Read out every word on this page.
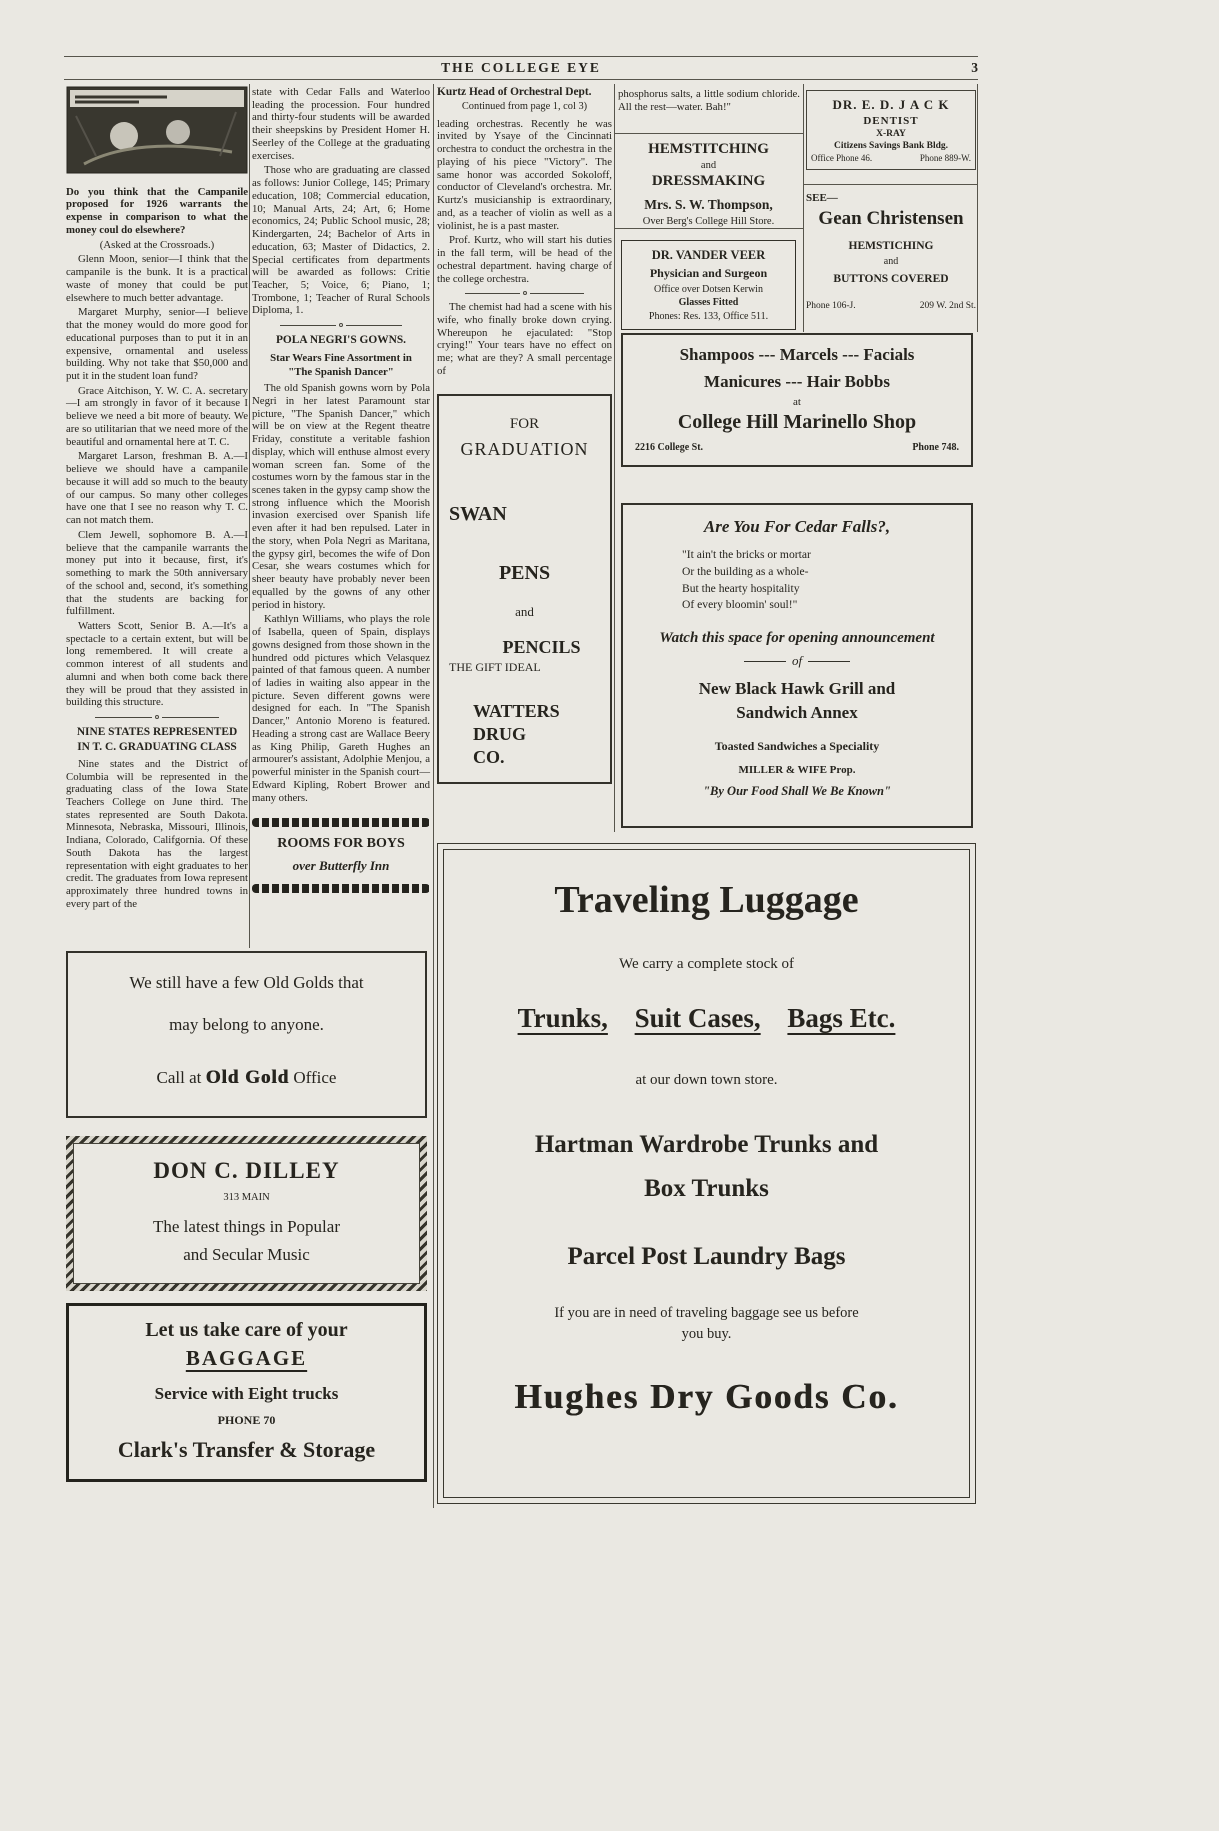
THE COLLEGE EYE	3

Do you think that the Campanile proposed for 1926 warrants the expense in comparison to what the money coul do elsewhere?

(Asked at the Crossroads.)

Glenn Moon, senior—I think that the campanile is the bunk. It is a practical waste of money that could be put elsewhere to much better advantage.

Margaret Murphy, senior—I believe that the money would do more good for educational purposes than to put it in an expensive, ornamental and useless building. Why not take that $50,000 and put it in the student loan fund?

Grace Aitchison, Y. W. C. A. secretary—I am strongly in favor of it because I believe we need a bit more of beauty. We are so utilitarian that we need more of the beautiful and ornamental here at T. C.

Margaret Larson, freshman B. A.—I believe we should have a campanile because it will add so much to the beauty of our campus. So many other colleges have one that I see no reason why T. C. can not match them.

Clem Jewell, sophomore B. A.—I believe that the campanile warrants the money put into it because, first, it's something to mark the 50th anniversary of the school and, second, it's something that the students are backing for fulfillment.

Watters Scott, Senior B. A.—It's a spectacle to a certain extent, but will be long remembered. It will create a common interest of all students and alumni and when both come back there they will be proud that they assisted in building this structure.

NINE STATES REPRESENTED
IN T. C. GRADUATING CLASS

Nine states and the District of Columbia will be represented in the graduating class of the Iowa State Teachers College on June third. The states represented are South Dakota. Minnesota, Nebraska, Missouri, Illinois, Indiana, Colorado, Califgornia. Of these South Dakota has the largest representation with eight graduates to her credit. The graduates from Iowa represent approximately three hundred towns in every part of the

state with Cedar Falls and Waterloo leading the procession. Four hundred and thirty-four students will be awarded their sheepskins by President Homer H. Seerley of the College at the graduating exercises.

Those who are graduating are classed as follows: Junior College, 145; Primary education, 108; Commercial education, 10; Manual Arts, 24; Art, 6; Home economics, 24; Public School music, 28; Kindergarten, 24; Bachelor of Arts in education, 63; Master of Didactics, 2. Special certificates from departments will be awarded as follows: Critie Teacher, 5; Voice, 6; Piano, 1; Trombone, 1; Teacher of Rural Schools Diploma, 1.

POLA NEGRI'S GOWNS.
Star Wears Fine Assortment in
"The Spanish Dancer"

The old Spanish gowns worn by Pola Negri in her latest Paramount star picture, "The Spanish Dancer," which will be on view at the Regent theatre Friday, constitute a veritable fashion display, which will enthuse almost every woman screen fan. Some of the costumes worn by the famous star in the scenes taken in the gypsy camp show the strong influence which the Moorish invasion exercised over Spanish life even after it had ben repulsed. Later in the story, when Pola Negri as Maritana, the gypsy girl, becomes the wife of Don Cesar, she wears costumes which for sheer beauty have probably never been equalled by the gowns of any other period in history.

Kathlyn Williams, who plays the role of Isabella, queen of Spain, displays gowns designed from those shown in the hundred odd pictures which Velasquez painted of that famous queen. A number of ladies in waiting also appear in the picture. Seven different gowns were designed for each. In "The Spanish Dancer," Antonio Moreno is featured. Heading a strong cast are Wallace Beery as King Philip, Gareth Hughes an armourer's assistant, Adolphie Menjou, a powerful minister in the Spanish court—Edward Kipling, Robert Brower and many others.

ROOMS FOR BOYS
over Butterfly Inn
Kurtz Head of Orchestral Dept.
Continued from page 1, col 3)

leading orchestras. Recently he was invited by Ysaye of the Cincinnati orchestra to conduct the orchestra in the playing of his piece "Victory". The same honor was accorded Sokoloff, conductor of Cleveland's orchestra. Mr. Kurtz's musicianship is extraordinary, and, as a teacher of violin as well as a violinist, he is a past master.

Prof. Kurtz, who will start his duties in the fall term, will be head of the ochestral department. having charge of the college orchestra.

The chemist had had a scene with his wife, who finally broke down crying. Whereupon he ejaculated: "Stop crying!" Your tears have no effect on me; what are they? A small percentage of

FOR
GRADUATION
SWAN
PENS
and
PENCILS
THE GIFT IDEAL
WATTERS
DRUG
CO.

phosphorus salts, a little sodium chloride. All the rest—water. Bah!"

HEMSTITCHING
and
DRESSMAKING
Mrs. S. W. Thompson,
Over Berg's College Hill Store.
DR. VANDER VEER
Physician and Surgeon
Office over Dotsen Kerwin
Glasses Fitted
Phones: Res. 133, Office 511.
DR. E. D. J A C K
DENTIST
X-RAY
Citizens Savings Bank Bldg.
Office Phone 46.	Phone 889-W.
SEE—
Gean Christensen
HEMSTICHING
and
BUTTONS COVERED
Phone 106-J.	209 W. 2nd St.
Shampoos --- Marcels --- Facials
Manicures --- Hair Bobbs
at
College Hill Marinello Shop
2216 College St.	Phone 748.
Are You For Cedar Falls?,
"It ain't the bricks or mortar
Or the building as a whole-
But the hearty hospitality
Of every bloomin' soul!"
Watch this space for opening announcement
of
New Black Hawk Grill and
Sandwich Annex
Toasted Sandwiches a Speciality
MILLER & WIFE Prop.
"By Our Food Shall We Be Known"
Traveling Luggage
We carry a complete stock of
Trunks, Suit Cases, Bags Etc.
at our down town store.
Hartman Wardrobe Trunks and
Box Trunks
Parcel Post Laundry Bags
If you are in need of traveling baggage see us before
you buy.
Hughes Dry Goods Co.
We still have a few Old Golds that
may belong to anyone.
Call at Old Gold Office
DON C. DILLEY
313 MAIN
The latest things in Popular
and Secular Music
Let us take care of your
BAGGAGE
Service with Eight trucks
PHONE 70
Clark's Transfer & Storage
